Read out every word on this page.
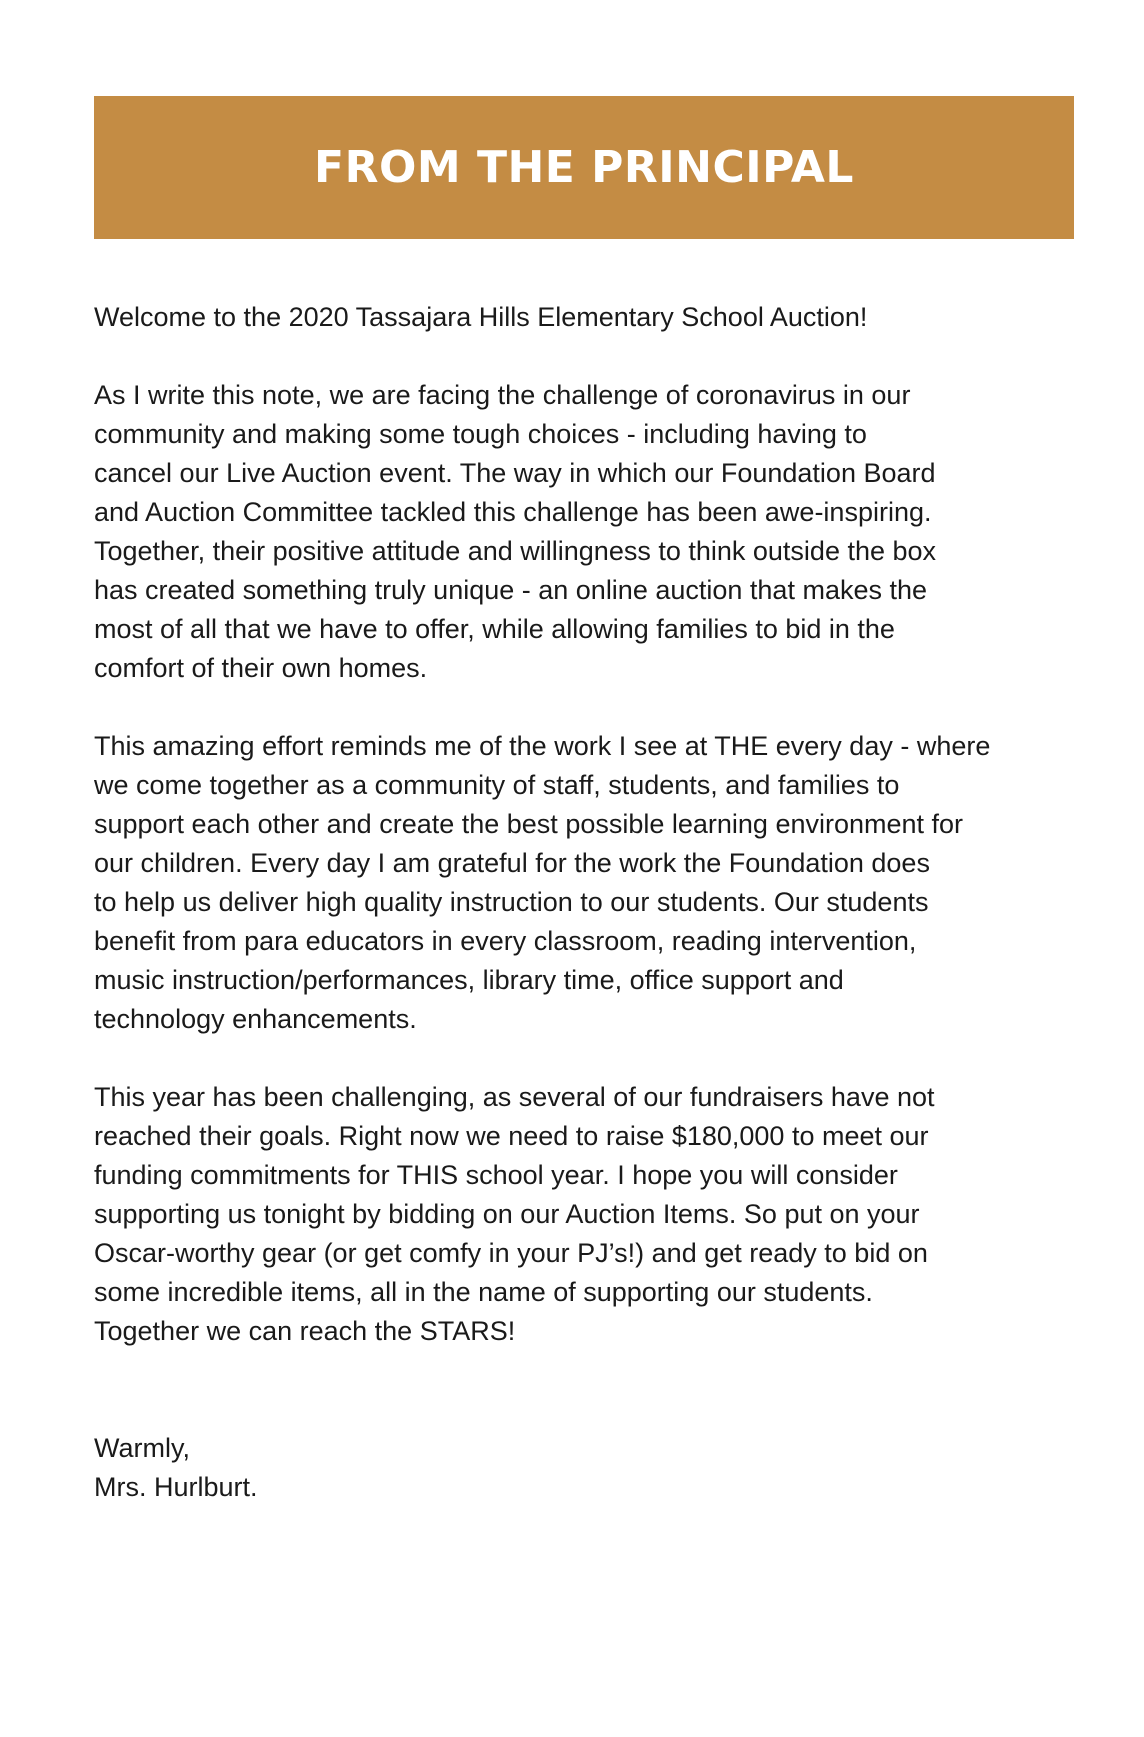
FROM THE PRINCIPAL

Welcome to the 2020 Tassajara Hills Elementary School Auction!

As I write this note, we are facing the challenge of coronavirus in our
community and making some tough choices - including having to
cancel our Live Auction event. The way in which our Foundation Board
and Auction Committee tackled this challenge has been awe-inspiring.
Together, their positive attitude and willingness to think outside the box
has created something truly unique - an online auction that makes the
most of all that we have to offer, while allowing families to bid in the
comfort of their own homes.

This amazing effort reminds me of the work I see at THE every day - where
we come together as a community of staff, students, and families to
support each other and create the best possible learning environment for
our children. Every day I am grateful for the work the Foundation does
to help us deliver high quality instruction to our students. Our students
benefit from para educators in every classroom, reading intervention,
music instruction/performances, library time, office support and
technology enhancements.

This year has been challenging, as several of our fundraisers have not
reached their goals. Right now we need to raise $180,000 to meet our
funding commitments for THIS school year. I hope you will consider
supporting us tonight by bidding on our Auction Items. So put on your
Oscar-worthy gear (or get comfy in your PJ’s!) and get ready to bid on
some incredible items, all in the name of supporting our students.
Together we can reach the STARS!

Warmly,
Mrs. Hurlburt.
